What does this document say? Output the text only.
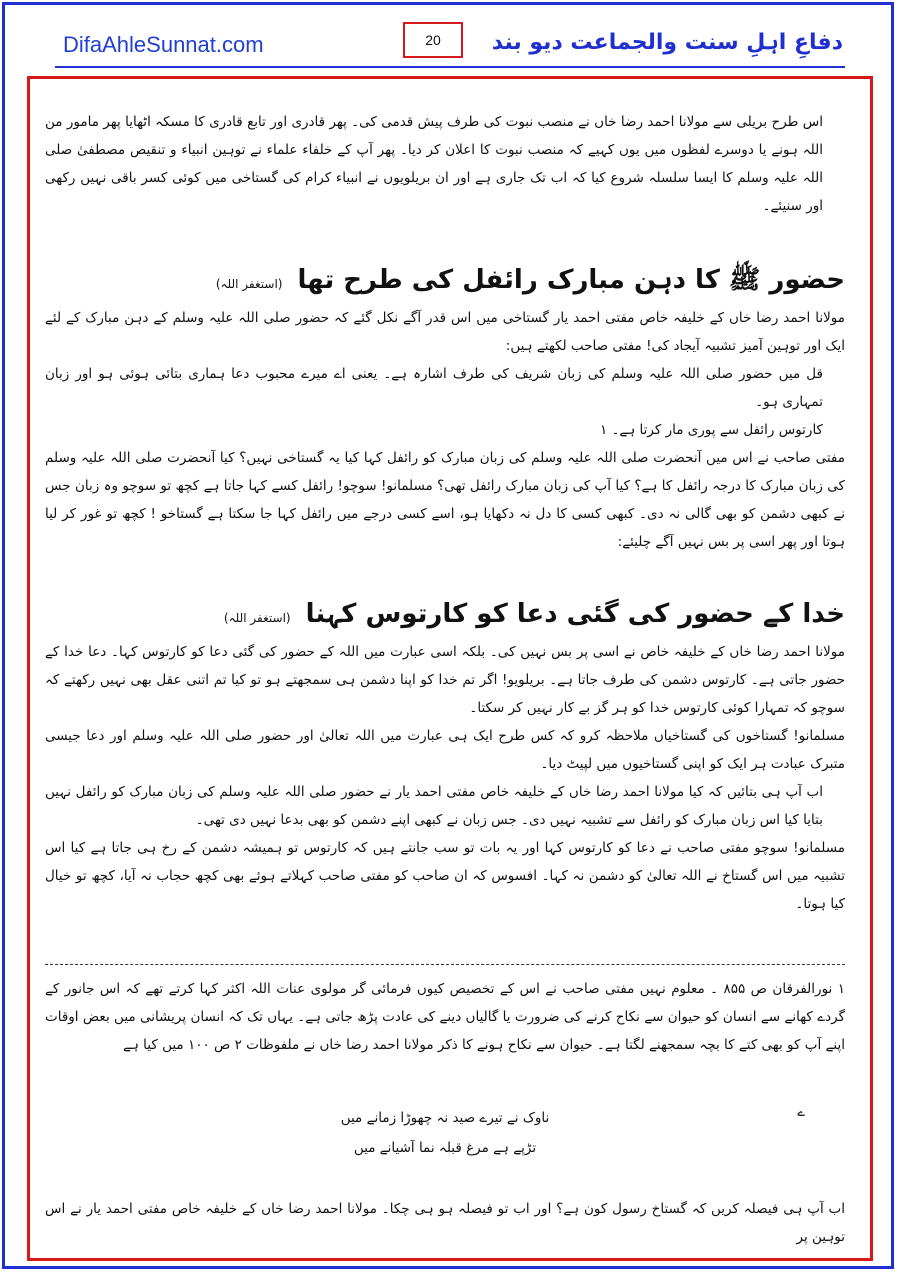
DifaAhleSunnat.com	20	دفاعِ اہلِ سنت والجماعت دیو بند

اس طرح بریلی سے مولانا احمد رضا خاں نے منصب نبوت کی طرف پیش قدمی کی۔ پھر قادری اور تابع قادری کا مسکہ اٹھایا پھر مامور من اللہ ہونے یا دوسرے لفظوں میں یوں کہیے کہ منصب نبوت کا اعلان کر دیا۔ پھر آپ کے خلفاء علماء نے توہین انبیاء و تنقیص مصطفیٰ صلی اللہ علیہ وسلم کا ایسا سلسلہ شروع کیا کہ اب تک جاری ہے اور ان بریلویوں نے انبیاء کرام کی گستاخی میں کوئی کسر باقی نہیں رکھی اور سنیئے۔

حضور ﷺ کا دہن مبارک رائفل کی طرح تھا (استغفر اللہ)

مولانا احمد رضا خاں کے خلیفہ خاص مفتی احمد یار گستاخی میں اس قدر آگے نکل گئے کہ حضور صلی اللہ علیہ وسلم کے دہن مبارک کے لئے ایک اور توہین آمیز تشبیہ آیجاد کی! مفتی صاحب لکھتے ہیں:

قل میں حضور صلی اللہ علیہ وسلم کی زبان شریف کی طرف اشارہ ہے۔ یعنی اے میرے محبوب دعا ہماری بتائی ہوئی ہو اور زبان تمہاری ہو۔

کارتوس رائفل سے پوری مار کرتا ہے۔ ۱

مفتی صاحب نے اس میں آنحضرت صلی اللہ علیہ وسلم کی زبان مبارک کو رائفل کہا کیا یہ گستاخی نہیں؟ کیا آنحضرت صلی اللہ علیہ وسلم کی زبان مبارک کا درجہ رائفل کا ہے؟ کیا آپ کی زبان مبارک رائفل تھی؟ مسلمانو! سوچو! رائفل کسے کہا جاتا ہے کچھ تو سوچو وہ زبان جس نے کبھی دشمن کو بھی گالی نہ دی۔ کبھی کسی کا دل نہ دکھایا ہو، اسے کسی درجے میں رائفل کہا جا سکتا ہے گستاخو ! کچھ تو غور کر لیا ہوتا اور پھر اسی پر بس نہیں آگے چلیئے:

خدا کے حضور کی گئی دعا کو کارتوس کہنا (استغفر اللہ)

مولانا احمد رضا خاں کے خلیفہ خاص نے اسی پر بس نہیں کی۔ بلکہ اسی عبارت میں اللہ کے حضور کی گئی دعا کو کارتوس کہا۔ دعا خدا کے حضور جاتی ہے۔ کارتوس دشمن کی طرف جاتا ہے۔ بریلویو! اگر تم خدا کو اپنا دشمن ہی سمجھتے ہو تو کیا تم اتنی عقل بھی نہیں رکھتے کہ سوچو کہ تمہارا کوئی کارتوس خدا کو ہر گز بے کار نہیں کر سکتا۔

مسلمانو! گستاخوں کی گستاخیاں ملاحظہ کرو کہ کس طرح ایک ہی عبارت میں اللہ تعالیٰ اور حضور صلی اللہ علیہ وسلم اور دعا جیسی متبرک عبادت ہر ایک کو اپنی گستاخیوں میں لپیٹ دیا۔

اب آپ ہی بتائیں کہ کیا مولانا احمد رضا خاں کے خلیفہ خاص مفتی احمد یار نے حضور صلی اللہ علیہ وسلم کی زبان مبارک کو رائفل نہیں بتایا کیا اس زبان مبارک کو رائفل سے تشبیہ نہیں دی۔ جس زبان نے کبھی اپنے دشمن کو بھی بدعا نہیں دی تھی۔

مسلمانو! سوچو مفتی صاحب نے دعا کو کارتوس کہا اور یہ بات تو سب جانتے ہیں کہ کارتوس تو ہمیشہ دشمن کے رخ ہی جاتا ہے کیا اس تشبیہ میں اس گستاخ نے اللہ تعالیٰ کو دشمن نہ کہا۔ افسوس کہ ان صاحب کو مفتی صاحب کہلاتے ہوئے بھی کچھ حجاب نہ آیا، کچھ تو خیال کیا ہوتا۔

۱ نورالفرقان ص ۸۵۵ ۔ معلوم نہیں مفتی صاحب نے اس کے تخصیص کیوں فرمائی گر مولوی عنات اللہ اکثر کہا کرتے تھے کہ اس جانور کے گردے کھانے سے انسان کو حیوان سے نکاح کرنے کی ضرورت یا گالیاں دینے کی عادت پڑھ جاتی ہے۔ یہاں تک کہ انسان پریشانی میں بعض اوقات اپنے آپ کو بھی کتے کا بچہ سمجھنے لگتا ہے۔ حیوان سے نکاح ہونے کا ذکر مولانا احمد رضا خاں نے ملفوظات ۲ ص ۱۰۰ میں کیا ہے

ے

ناوک نے تیرے صید نہ چھوڑا زمانے میں

تڑپے ہے مرغ قبلہ نما آشیانے میں

اب آپ ہی فیصلہ کریں کہ گستاخ رسول کون ہے؟ اور اب تو فیصلہ ہو ہی چکا۔ مولانا احمد رضا خاں کے خلیفہ خاص مفتی احمد یار نے اس توہین پر
